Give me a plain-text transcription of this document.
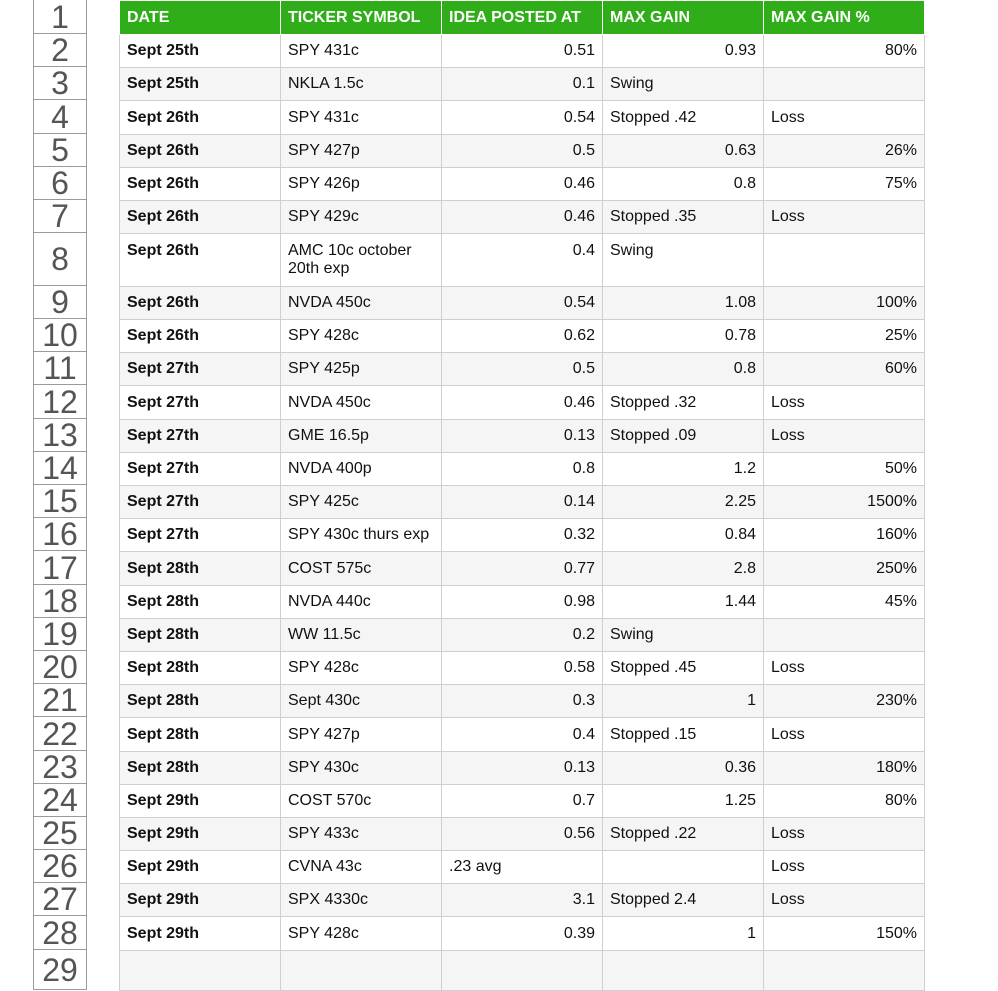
1
2
3
4
5
6
7
8
9
10
11
12
13
14
15
16
17
18
19
20
21
22
23
24
25
26
27
28
29
DATE	TICKER SYMBOL	IDEA POSTED AT	MAX GAIN	MAX GAIN %
Sept 25th	SPY 431c	0.51	0.93	80%
Sept 25th	NKLA 1.5c	0.1	Swing	
Sept 26th	SPY 431c	0.54	Stopped .42	Loss
Sept 26th	SPY 427p	0.5	0.63	26%
Sept 26th	SPY 426p	0.46	0.8	75%
Sept 26th	SPY 429c	0.46	Stopped .35	Loss
Sept 26th	AMC 10c october 20th exp	0.4	Swing	
Sept 26th	NVDA 450c	0.54	1.08	100%
Sept 26th	SPY 428c	0.62	0.78	25%
Sept 27th	SPY 425p	0.5	0.8	60%
Sept 27th	NVDA 450c	0.46	Stopped .32	Loss
Sept 27th	GME 16.5p	0.13	Stopped .09	Loss
Sept 27th	NVDA 400p	0.8	1.2	50%
Sept 27th	SPY 425c	0.14	2.25	1500%
Sept 27th	SPY 430c thurs exp	0.32	0.84	160%
Sept 28th	COST 575c	0.77	2.8	250%
Sept 28th	NVDA 440c	0.98	1.44	45%
Sept 28th	WW 11.5c	0.2	Swing	
Sept 28th	SPY 428c	0.58	Stopped .45	Loss
Sept 28th	Sept 430c	0.3	1	230%
Sept 28th	SPY 427p	0.4	Stopped .15	Loss
Sept 28th	SPY 430c	0.13	0.36	180%
Sept 29th	COST 570c	0.7	1.25	80%
Sept 29th	SPY 433c	0.56	Stopped .22	Loss
Sept 29th	CVNA 43c	.23 avg		Loss
Sept 29th	SPX 4330c	3.1	Stopped 2.4	Loss
Sept 29th	SPY 428c	0.39	1	150%
